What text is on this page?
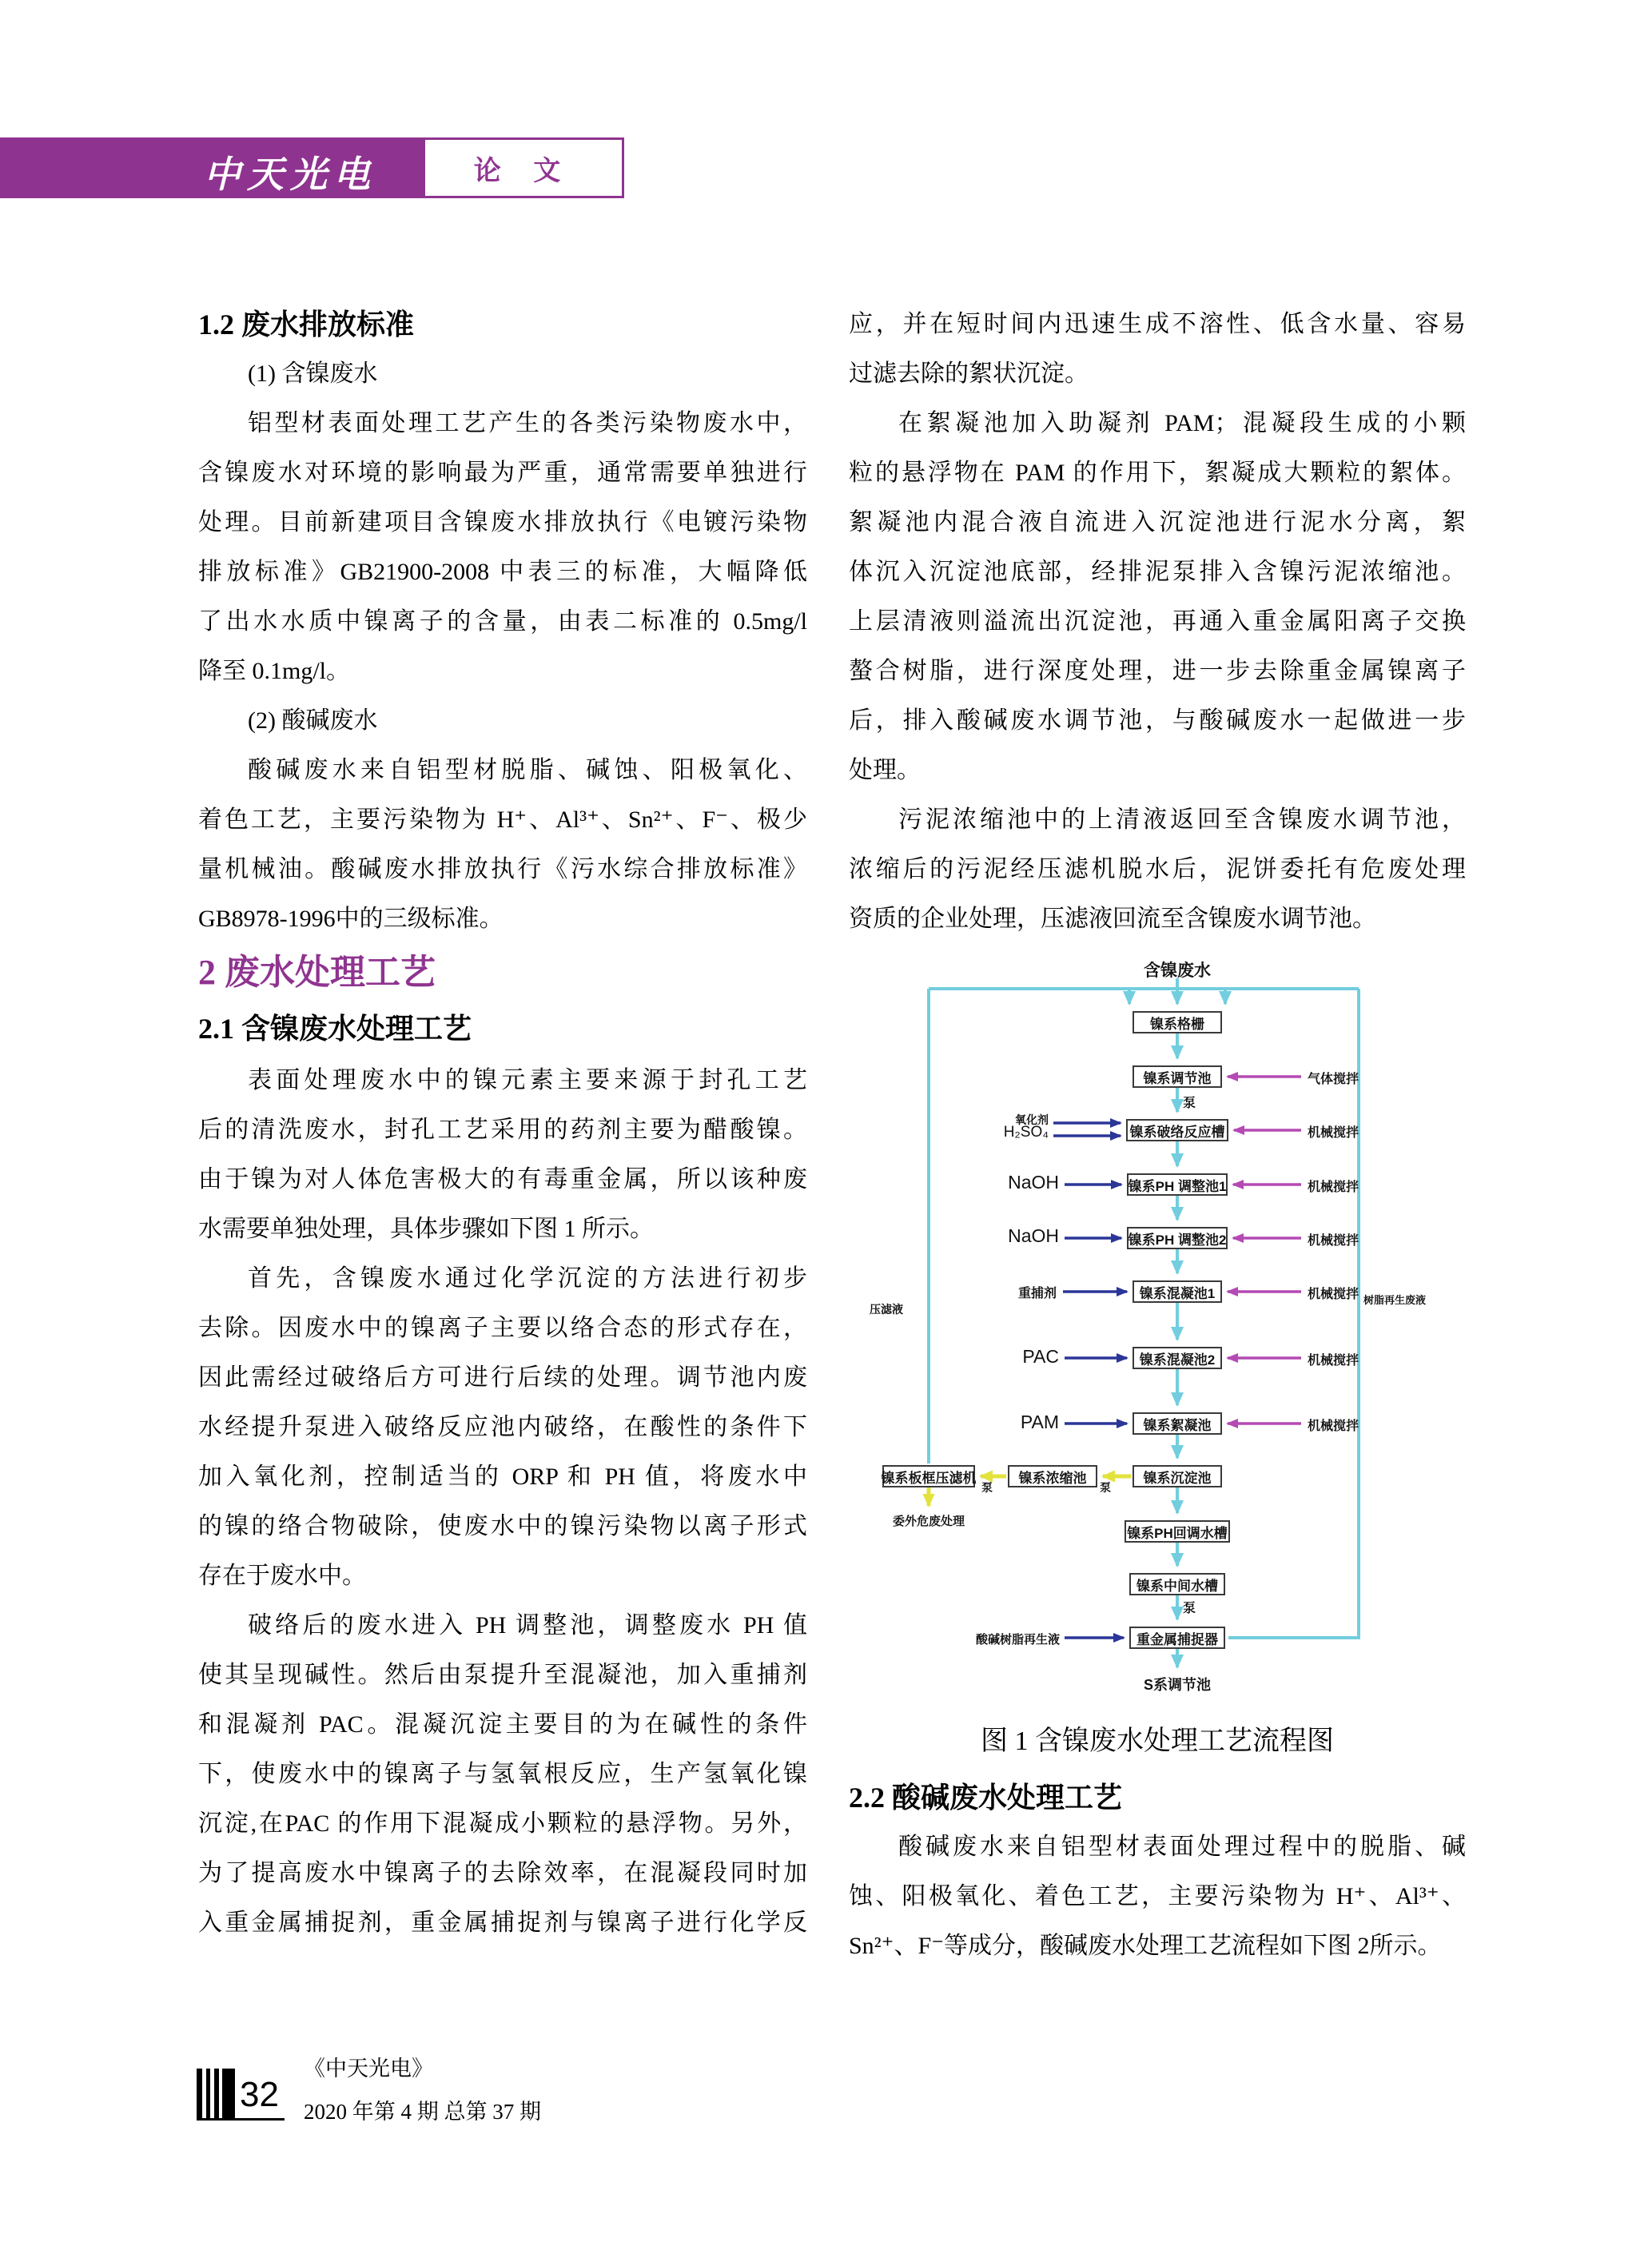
中天光电	论 文
1.2 废水排放标准
(1) 含镍废水
铝型材表面处理工艺产生的各类污染物废水中，
含镍废水对环境的影响最为严重，通常需要单独进行
处理。目前新建项目含镍废水排放执行《电镀污染物
排放标准》GB21900-2008 中表三的标准，大幅降低
了出水水质中镍离子的含量，由表二标准的 0.5mg/l
降至 0.1mg/l。
(2) 酸碱废水
酸碱废水来自铝型材脱脂、碱蚀、阳极氧化、
着色工艺，主要污染物为 H⁺、Al³⁺、Sn²⁺、F⁻、极少
量机械油。酸碱废水排放执行《污水综合排放标准》
GB8978-1996中的三级标准。
2 废水处理工艺
2.1 含镍废水处理工艺
表面处理废水中的镍元素主要来源于封孔工艺
后的清洗废水，封孔工艺采用的药剂主要为醋酸镍。
由于镍为对人体危害极大的有毒重金属，所以该种废
水需要单独处理，具体步骤如下图 1 所示。
首先，含镍废水通过化学沉淀的方法进行初步
去除。因废水中的镍离子主要以络合态的形式存在，
因此需经过破络后方可进行后续的处理。调节池内废
水经提升泵进入破络反应池内破络，在酸性的条件下
加入氧化剂，控制适当的 ORP 和 PH 值，将废水中
的镍的络合物破除，使废水中的镍污染物以离子形式
存在于废水中。
破络后的废水进入 PH 调整池，调整废水 PH 值
使其呈现碱性。然后由泵提升至混凝池，加入重捕剂
和混凝剂 PAC。混凝沉淀主要目的为在碱性的条件
下，使废水中的镍离子与氢氧根反应，生产氢氧化镍
沉淀,在PAC 的作用下混凝成小颗粒的悬浮物。另外，
为了提高废水中镍离子的去除效率，在混凝段同时加
入重金属捕捉剂，重金属捕捉剂与镍离子进行化学反
应，并在短时间内迅速生成不溶性、低含水量、容易
过滤去除的絮状沉淀。
在絮凝池加入助凝剂 PAM；混凝段生成的小颗
粒的悬浮物在 PAM 的作用下，絮凝成大颗粒的絮体。
絮凝池内混合液自流进入沉淀池进行泥水分离，絮
体沉入沉淀池底部，经排泥泵排入含镍污泥浓缩池。
上层清液则溢流出沉淀池，再通入重金属阳离子交换
螯合树脂，进行深度处理，进一步去除重金属镍离子
后，排入酸碱废水调节池，与酸碱废水一起做进一步
处理。
污泥浓缩池中的上清液返回至含镍废水调节池，
浓缩后的污泥经压滤机脱水后，泥饼委托有危废处理
资质的企业处理，压滤液回流至含镍废水调节池。
含镍废水
S系调节池
镍系格栅
镍系调节池
镍系破络反应槽
镍系PH 调整池1
镍系PH 调整池2
镍系混凝池1
镍系混凝池2
镍系絮凝池
镍系沉淀池
镍系浓缩池
镍系板框压滤机
镍系PH回调水槽
镍系中间水槽
重金属捕捉器
泵
泵
泵
泵
氧化剂
H₂SO₄
NaOH
NaOH
重捕剂
PAC
PAM
酸碱树脂再生液
气体搅拌
机械搅拌
机械搅拌
机械搅拌
机械搅拌
机械搅拌
机械搅拌
压滤液
树脂再生废液
委外危废处理
图 1 含镍废水处理工艺流程图
2.2 酸碱废水处理工艺
酸碱废水来自铝型材表面处理过程中的脱脂、碱
蚀、阳极氧化、着色工艺，主要污染物为 H⁺、Al³⁺、
Sn²⁺、F⁻等成分，酸碱废水处理工艺流程如下图 2所示。
32
《中天光电》
2020 年第 4 期 总第 37 期
